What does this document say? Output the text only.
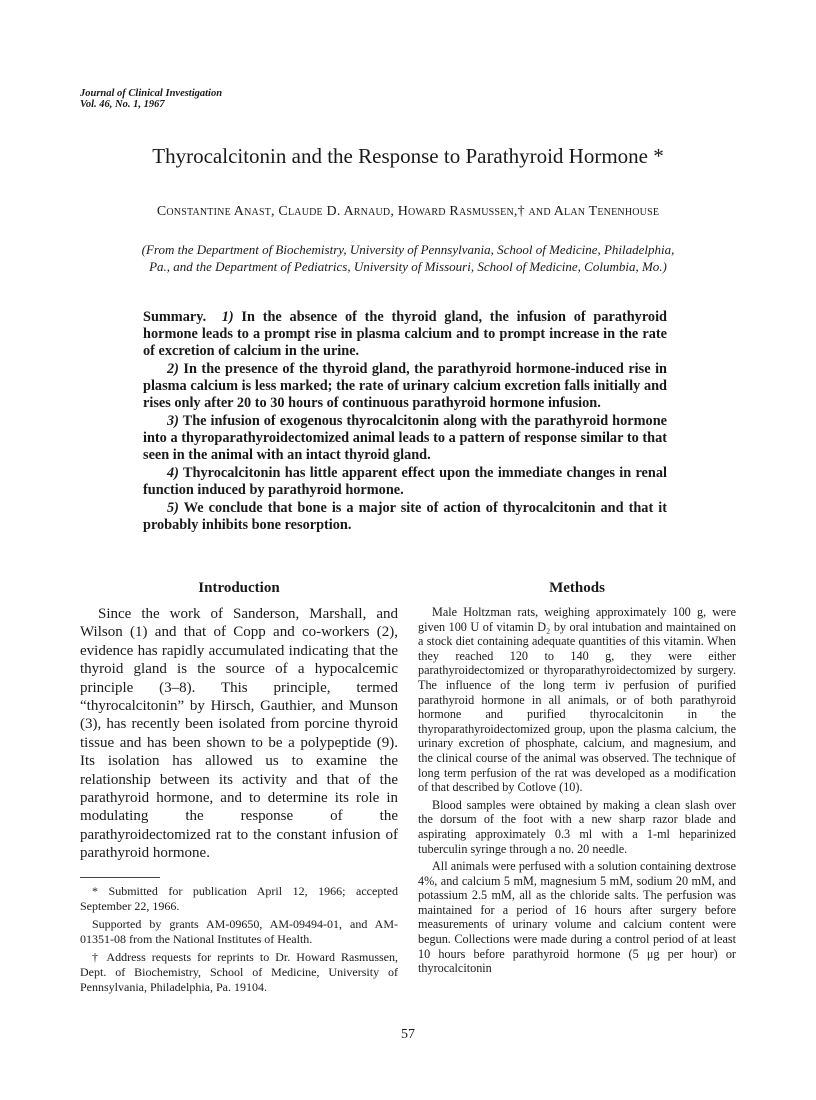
Journal of Clinical Investigation
Vol. 46, No. 1, 1967
Thyrocalcitonin and the Response to Parathyroid Hormone *
Constantine Anast, Claude D. Arnaud, Howard Rasmussen,† and Alan Tenenhouse
(From the Department of Biochemistry, University of Pennsylvania, School of Medicine, Philadelphia, Pa., and the Department of Pediatrics, University of Missouri, School of Medicine, Columbia, Mo.)

Summary. 1) In the absence of the thyroid gland, the infusion of parathyroid hormone leads to a prompt rise in plasma calcium and to prompt increase in the rate of excretion of calcium in the urine.

2) In the presence of the thyroid gland, the parathyroid hormone-induced rise in plasma calcium is less marked; the rate of urinary calcium excretion falls initially and rises only after 20 to 30 hours of continuous parathyroid hormone infusion.

3) The infusion of exogenous thyrocalcitonin along with the parathyroid hormone into a thyroparathyroidectomized animal leads to a pattern of response similar to that seen in the animal with an intact thyroid gland.

4) Thyrocalcitonin has little apparent effect upon the immediate changes in renal function induced by parathyroid hormone.

5) We conclude that bone is a major site of action of thyrocalcitonin and that it probably inhibits bone resorption.

Introduction

Since the work of Sanderson, Marshall, and Wilson (1) and that of Copp and co-workers (2), evidence has rapidly accumulated indicating that the thyroid gland is the source of a hypocalcemic principle (3–8). This principle, termed “thyrocalcitonin” by Hirsch, Gauthier, and Munson (3), has recently been isolated from porcine thyroid tissue and has been shown to be a polypeptide (9). Its isolation has allowed us to examine the relationship between its activity and that of the parathyroid hormone, and to determine its role in modulating the response of the parathyroidectomized rat to the constant infusion of parathyroid hormone.

* Submitted for publication April 12, 1966; accepted September 22, 1966.

Supported by grants AM-09650, AM-09494-01, and AM-01351-08 from the National Institutes of Health.

† Address requests for reprints to Dr. Howard Rasmussen, Dept. of Biochemistry, School of Medicine, University of Pennsylvania, Philadelphia, Pa. 19104.

Methods

Male Holtzman rats, weighing approximately 100 g, were given 100 U of vitamin D₂ by oral intubation and maintained on a stock diet containing adequate quantities of this vitamin. When they reached 120 to 140 g, they were either parathyroidectomized or thyroparathyroidectomized by surgery. The influence of the long term iv perfusion of purified parathyroid hormone in all animals, or of both parathyroid hormone and purified thyrocalcitonin in the thyroparathyroidectomized group, upon the plasma calcium, the urinary excretion of phosphate, calcium, and magnesium, and the clinical course of the animal was observed. The technique of long term perfusion of the rat was developed as a modification of that described by Cotlove (10).

Blood samples were obtained by making a clean slash over the dorsum of the foot with a new sharp razor blade and aspirating approximately 0.3 ml with a 1-ml heparinized tuberculin syringe through a no. 20 needle.

All animals were perfused with a solution containing dextrose 4%, and calcium 5 mM, magnesium 5 mM, sodium 20 mM, and potassium 2.5 mM, all as the chloride salts. The perfusion was maintained for a period of 16 hours after surgery before measurements of urinary volume and calcium content were begun. Collections were made during a control period of at least 10 hours before parathyroid hormone (5 μg per hour) or thyrocalcitonin

57
